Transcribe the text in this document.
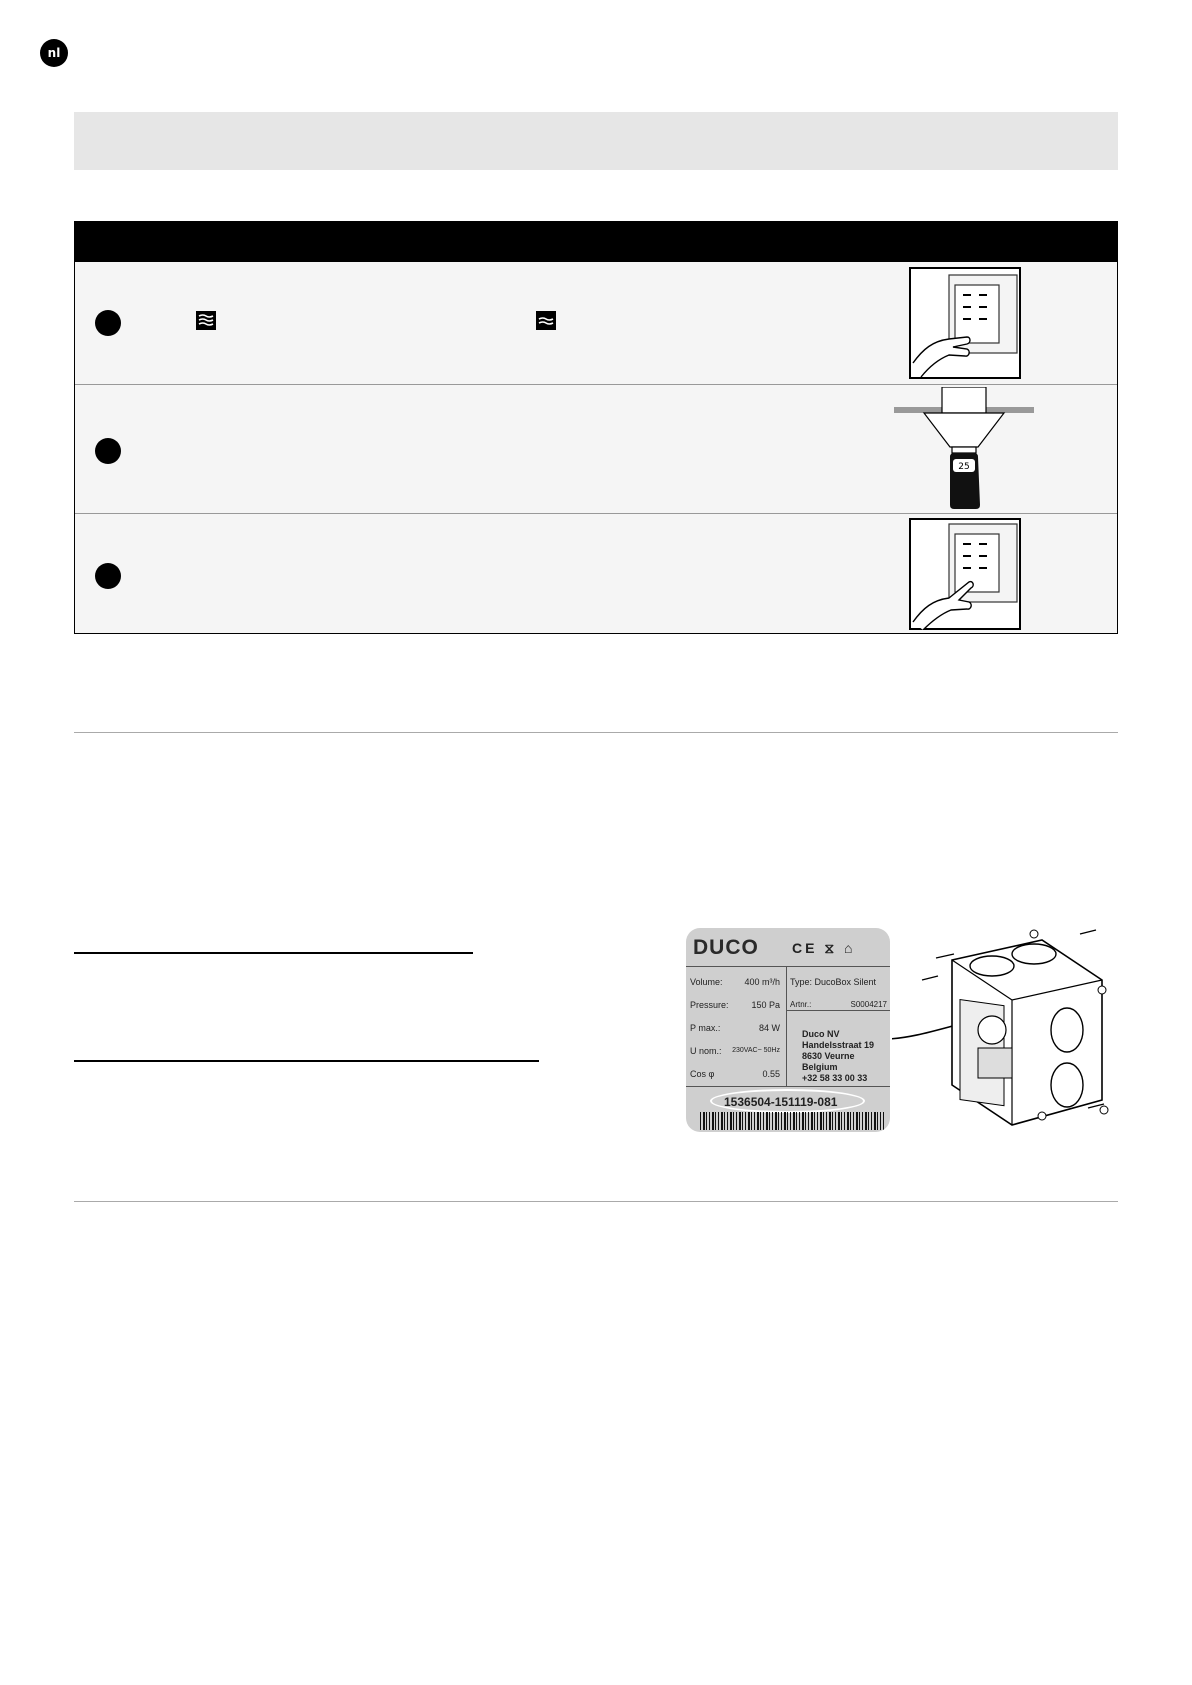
nl
25
DUCO CE ⧖ ⌂
Volume: 400 m³/h
Pressure:	150 Pa
P max.:	84 W
U nom.: 230VAC~ 50Hz
Cos φ	0.55
Type: DucoBox Silent
Artnr.:	S0004217
Duco NV
Handelsstraat 19
8630 Veurne
Belgium
+32 58 33 00 33
1536504-151119-081
